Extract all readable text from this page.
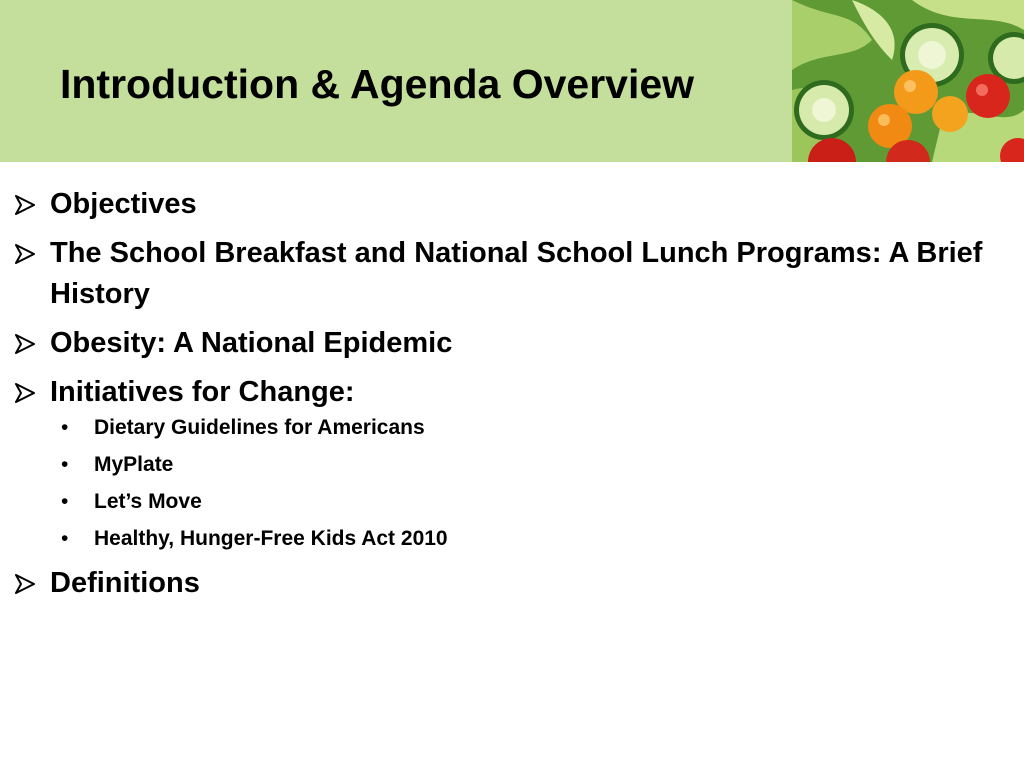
Introduction & Agenda Overview
Objectives
The School Breakfast and National School Lunch Programs: A Brief History
Obesity: A National Epidemic
Initiatives for Change:
• Dietary Guidelines for Americans
• MyPlate
• Let’s Move
• Healthy, Hunger-Free Kids Act 2010
Definitions
